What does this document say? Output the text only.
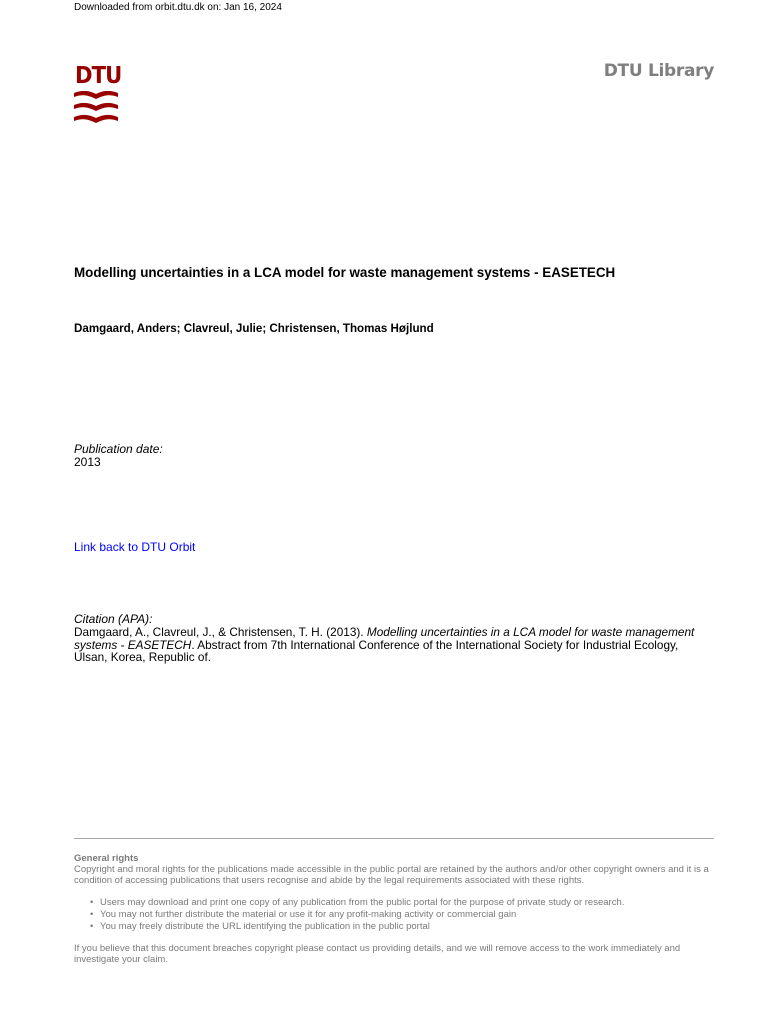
Downloaded from orbit.dtu.dk on: Jan 16, 2024
DTU	DTU Library
Modelling uncertainties in a LCA model for waste management systems - EASETECH
Damgaard, Anders; Clavreul, Julie; Christensen, Thomas Højlund
Publication date:
2013
Link back to DTU Orbit
Citation (APA):
Damgaard, A., Clavreul, J., & Christensen, T. H. (2013). Modelling uncertainties in a LCA model for waste management systems - EASETECH. Abstract from 7th International Conference of the International Society for Industrial Ecology, Ulsan, Korea, Republic of.

General rights

Copyright and moral rights for the publications made accessible in the public portal are retained by the authors and/or other copyright owners and it is a condition of accessing publications that users recognise and abide by the legal requirements associated with these rights.

• Users may download and print one copy of any publication from the public portal for the purpose of private study or research.
• You may not further distribute the material or use it for any profit-making activity or commercial gain
• You may freely distribute the URL identifying the publication in the public portal

If you believe that this document breaches copyright please contact us providing details, and we will remove access to the work immediately and investigate your claim.
